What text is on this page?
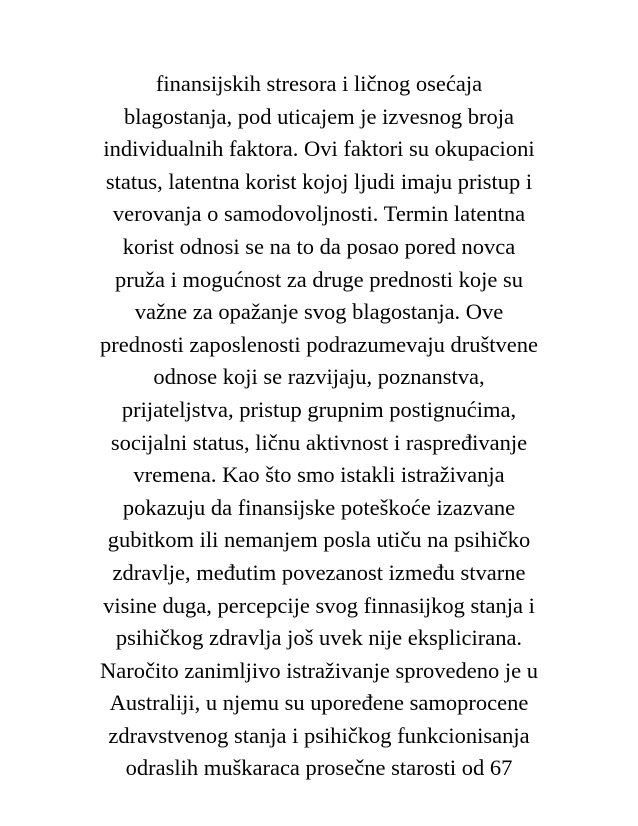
finansijskih stresora i ličnog osećaja
blagostanja, pod uticajem je izvesnog broja
individualnih faktora. Ovi faktori su okupacioni
status, latentna korist kojoj ljudi imaju pristup i
verovanja o samodovoljnosti. Termin latentna
korist odnosi se na to da posao pored novca
pruža i mogućnost za druge prednosti koje su
važne za opažanje svog blagostanja. Ove
prednosti zaposlenosti podrazumevaju društvene
odnose koji se razvijaju, poznanstva,
prijateljstva, pristup grupnim postignućima,
socijalni status, ličnu aktivnost i raspređivanje
vremena. Kao što smo istakli istraživanja
pokazuju da finansijske poteškoće izazvane
gubitkom ili nemanjem posla utiču na psihičko
zdravlje, međutim povezanost između stvarne
visine duga, percepcije svog finnasijkog stanja i
psihičkog zdravlja još uvek nije eksplicirana.
Naročito zanimljivo istraživanje sprovedeno je u
Australiji, u njemu su upoređene samoprocene
zdravstvenog stanja i psihičkog funkcionisanja
odraslih muškaraca prosečne starosti od 67
